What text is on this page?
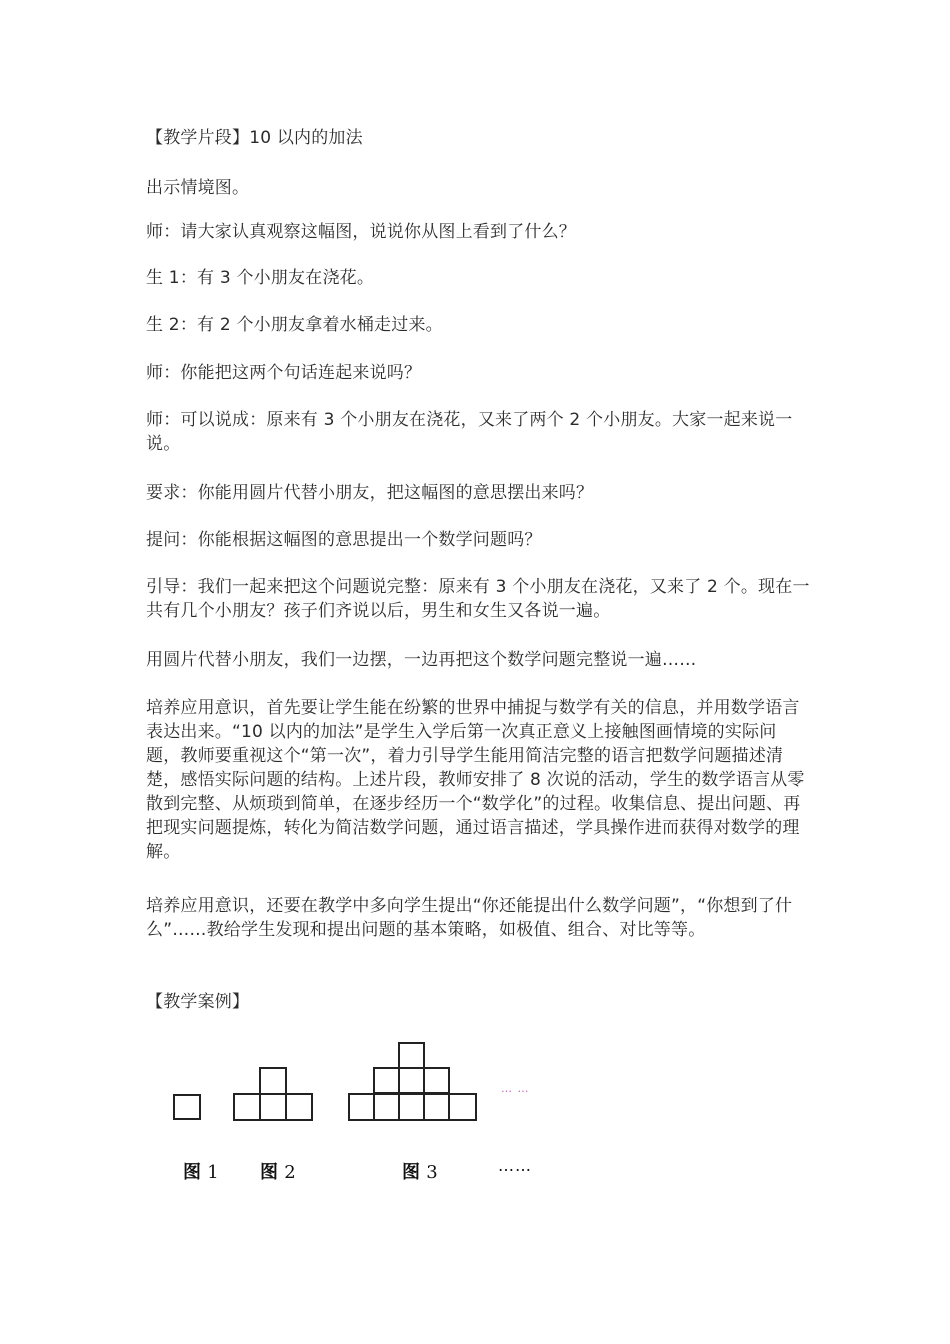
【教学片段】10 以内的加法

出示情境图。

师：请大家认真观察这幅图，说说你从图上看到了什么？

生 1：有 3 个小朋友在浇花。

生 2：有 2 个小朋友拿着水桶走过来。

师：你能把这两个句话连起来说吗？

师：可以说成：原来有 3 个小朋友在浇花，又来了两个 2 个小朋友。大家一起来说一说。

要求：你能用圆片代替小朋友，把这幅图的意思摆出来吗？

提问：你能根据这幅图的意思提出一个数学问题吗？

引导：我们一起来把这个问题说完整：原来有 3 个小朋友在浇花，又来了 2 个。现在一共有几个小朋友？孩子们齐说以后，男生和女生又各说一遍。

用圆片代替小朋友，我们一边摆，一边再把这个数学问题完整说一遍……

培养应用意识，首先要让学生能在纷繁的世界中捕捉与数学有关的信息，并用数学语言表达出来。“10 以内的加法”是学生入学后第一次真正意义上接触图画情境的实际问题，教师要重视这个“第一次”，着力引导学生能用简洁完整的语言把数学问题描述清楚，感悟实际问题的结构。上述片段，教师安排了 8 次说的活动，学生的数学语言从零散到完整、从烦琐到简单，在逐步经历一个“数学化”的过程。收集信息、提出问题、再把现实问题提炼，转化为简洁数学问题，通过语言描述，学具操作进而获得对数学的理解。

培养应用意识，还要在教学中多向学生提出“你还能提出什么数学问题”，“你想到了什么”……教给学生发现和提出问题的基本策略，如极值、组合、对比等等。

【教学案例】

… …
图 1 图 2	图 3	……
